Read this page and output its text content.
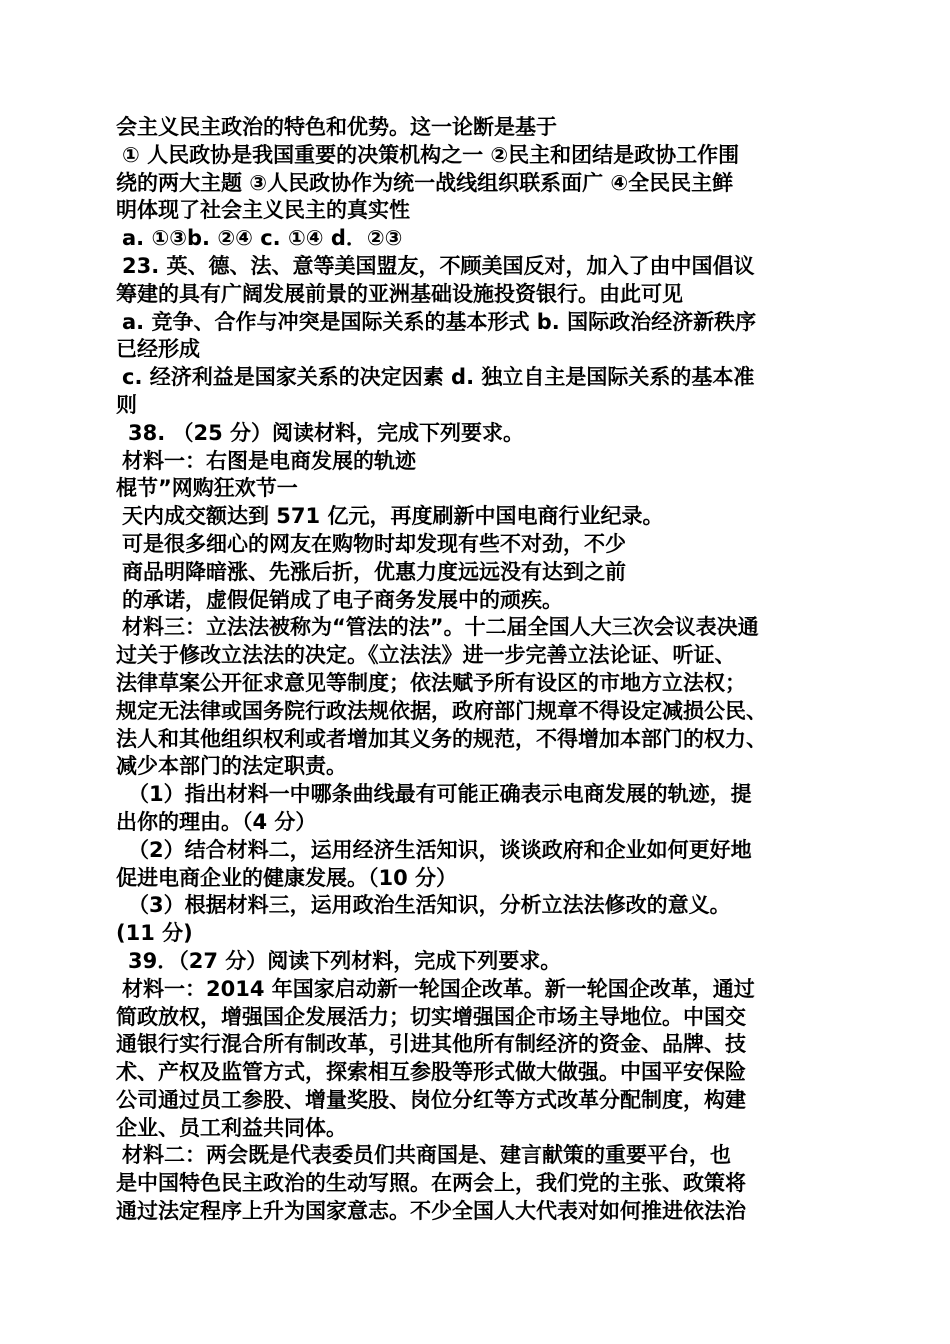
会主义民主政治的特色和优势。这一论断是基于
① 人民政协是我国重要的决策机构之一 ②民主和团结是政协工作围
绕的两大主题 ③人民政协作为统一战线组织联系面广 ④全民民主鲜
明体现了社会主义民主的真实性
a. ①③b. ②④ c. ①④ d．②③
23. 英、德、法、意等美国盟友，不顾美国反对，加入了由中国倡议
筹建的具有广阔发展前景的亚洲基础设施投资银行。由此可见
a. 竞争、合作与冲突是国际关系的基本形式 b. 国际政治经济新秩序
已经形成
c. 经济利益是国家关系的决定因素 d. 独立自主是国际关系的基本准
则
38. （25 分）阅读材料，完成下列要求。
材料一：右图是电商发展的轨迹
棍节”网购狂欢节一
天内成交额达到 571 亿元，再度刷新中国电商行业纪录。
可是很多细心的网友在购物时却发现有些不对劲，不少
商品明降暗涨、先涨后折，优惠力度远远没有达到之前
的承诺，虚假促销成了电子商务发展中的顽疾。
材料三：立法法被称为“管法的法”。十二届全国人大三次会议表决通
过关于修改立法法的决定。《立法法》进一步完善立法论证、听证、
法律草案公开征求意见等制度；依法赋予所有设区的市地方立法权；
规定无法律或国务院行政法规依据，政府部门规章不得设定减损公民、
法人和其他组织权利或者增加其义务的规范，不得增加本部门的权力、
减少本部门的法定职责。
（1）指出材料一中哪条曲线最有可能正确表示电商发展的轨迹，提
出你的理由。（4 分）
（2）结合材料二，运用经济生活知识，谈谈政府和企业如何更好地
促进电商企业的健康发展。（10 分）
（3）根据材料三，运用政治生活知识，分析立法法修改的意义。
(11 分)
39．（27 分）阅读下列材料，完成下列要求。
材料一：2014 年国家启动新一轮国企改革。新一轮国企改革，通过
简政放权，增强国企发展活力；切实增强国企市场主导地位。中国交
通银行实行混合所有制改革，引进其他所有制经济的资金、品牌、技
术、产权及监管方式，探索相互参股等形式做大做强。中国平安保险
公司通过员工参股、增量奖股、岗位分红等方式改革分配制度，构建
企业、员工利益共同体。
材料二：两会既是代表委员们共商国是、建言献策的重要平台，也
是中国特色民主政治的生动写照。在两会上，我们党的主张、政策将
通过法定程序上升为国家意志。不少全国人大代表对如何推进依法治
